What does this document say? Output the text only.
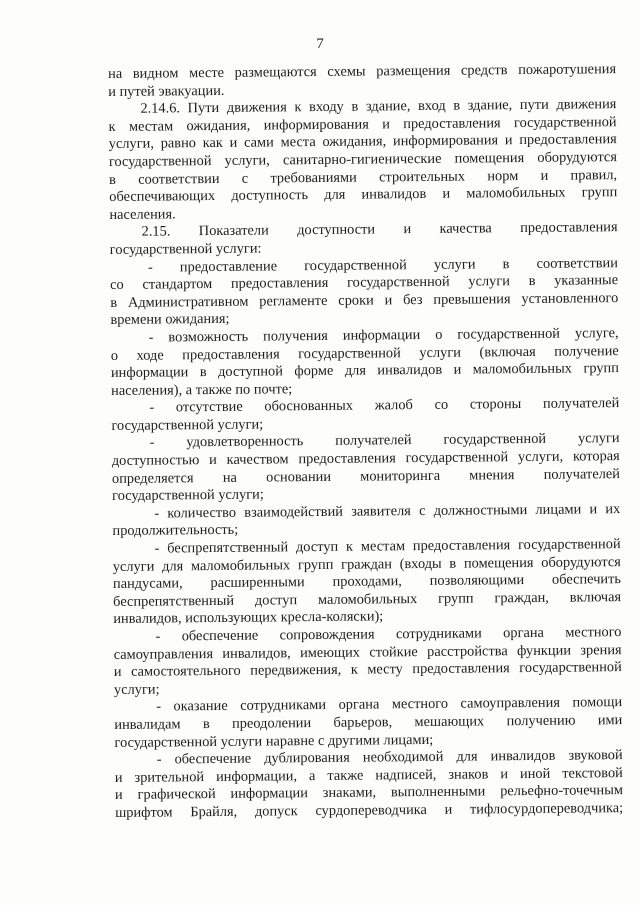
7
на видном месте размещаются схемы размещения средств пожаротушения
и путей эвакуации.
2.14.6. Пути движения к входу в здание, вход в здание, пути движения
к местам ожидания, информирования и предоставления государственной
услуги, равно как и сами места ожидания, информирования и предоставления
государственной услуги, санитарно-гигиенические помещения оборудуются
в соответствии с требованиями строительных норм и правил,
обеспечивающих доступность для инвалидов и маломобильных групп
населения.
2.15. Показатели доступности и качества предоставления
государственной услуги:
- предоставление государственной услуги в соответствии
со стандартом предоставления государственной услуги в указанные
в Административном регламенте сроки и без превышения установленного
времени ожидания;
- возможность получения информации о государственной услуге,
о ходе предоставления государственной услуги (включая получение
информации в доступной форме для инвалидов и маломобильных групп
населения), а также по почте;
- отсутствие обоснованных жалоб со стороны получателей
государственной услуги;
- удовлетворенность получателей государственной услуги
доступностью и качеством предоставления государственной услуги, которая
определяется на основании мониторинга мнения получателей
государственной услуги;
- количество взаимодействий заявителя с должностными лицами и их
продолжительность;
- беспрепятственный доступ к местам предоставления государственной
услуги для маломобильных групп граждан (входы в помещения оборудуются
пандусами, расширенными проходами, позволяющими обеспечить
беспрепятственный доступ маломобильных групп граждан, включая
инвалидов, использующих кресла-коляски);
- обеспечение сопровождения сотрудниками органа местного
самоуправления инвалидов, имеющих стойкие расстройства функции зрения
и самостоятельного передвижения, к месту предоставления государственной
услуги;
- оказание сотрудниками органа местного самоуправления помощи
инвалидам в преодолении барьеров, мешающих получению ими
государственной услуги наравне с другими лицами;
- обеспечение дублирования необходимой для инвалидов звуковой
и зрительной информации, а также надписей, знаков и иной текстовой
и графической информации знаками, выполненными рельефно-точечным
шрифтом Брайля, допуск сурдопереводчика и тифлосурдопереводчика;
